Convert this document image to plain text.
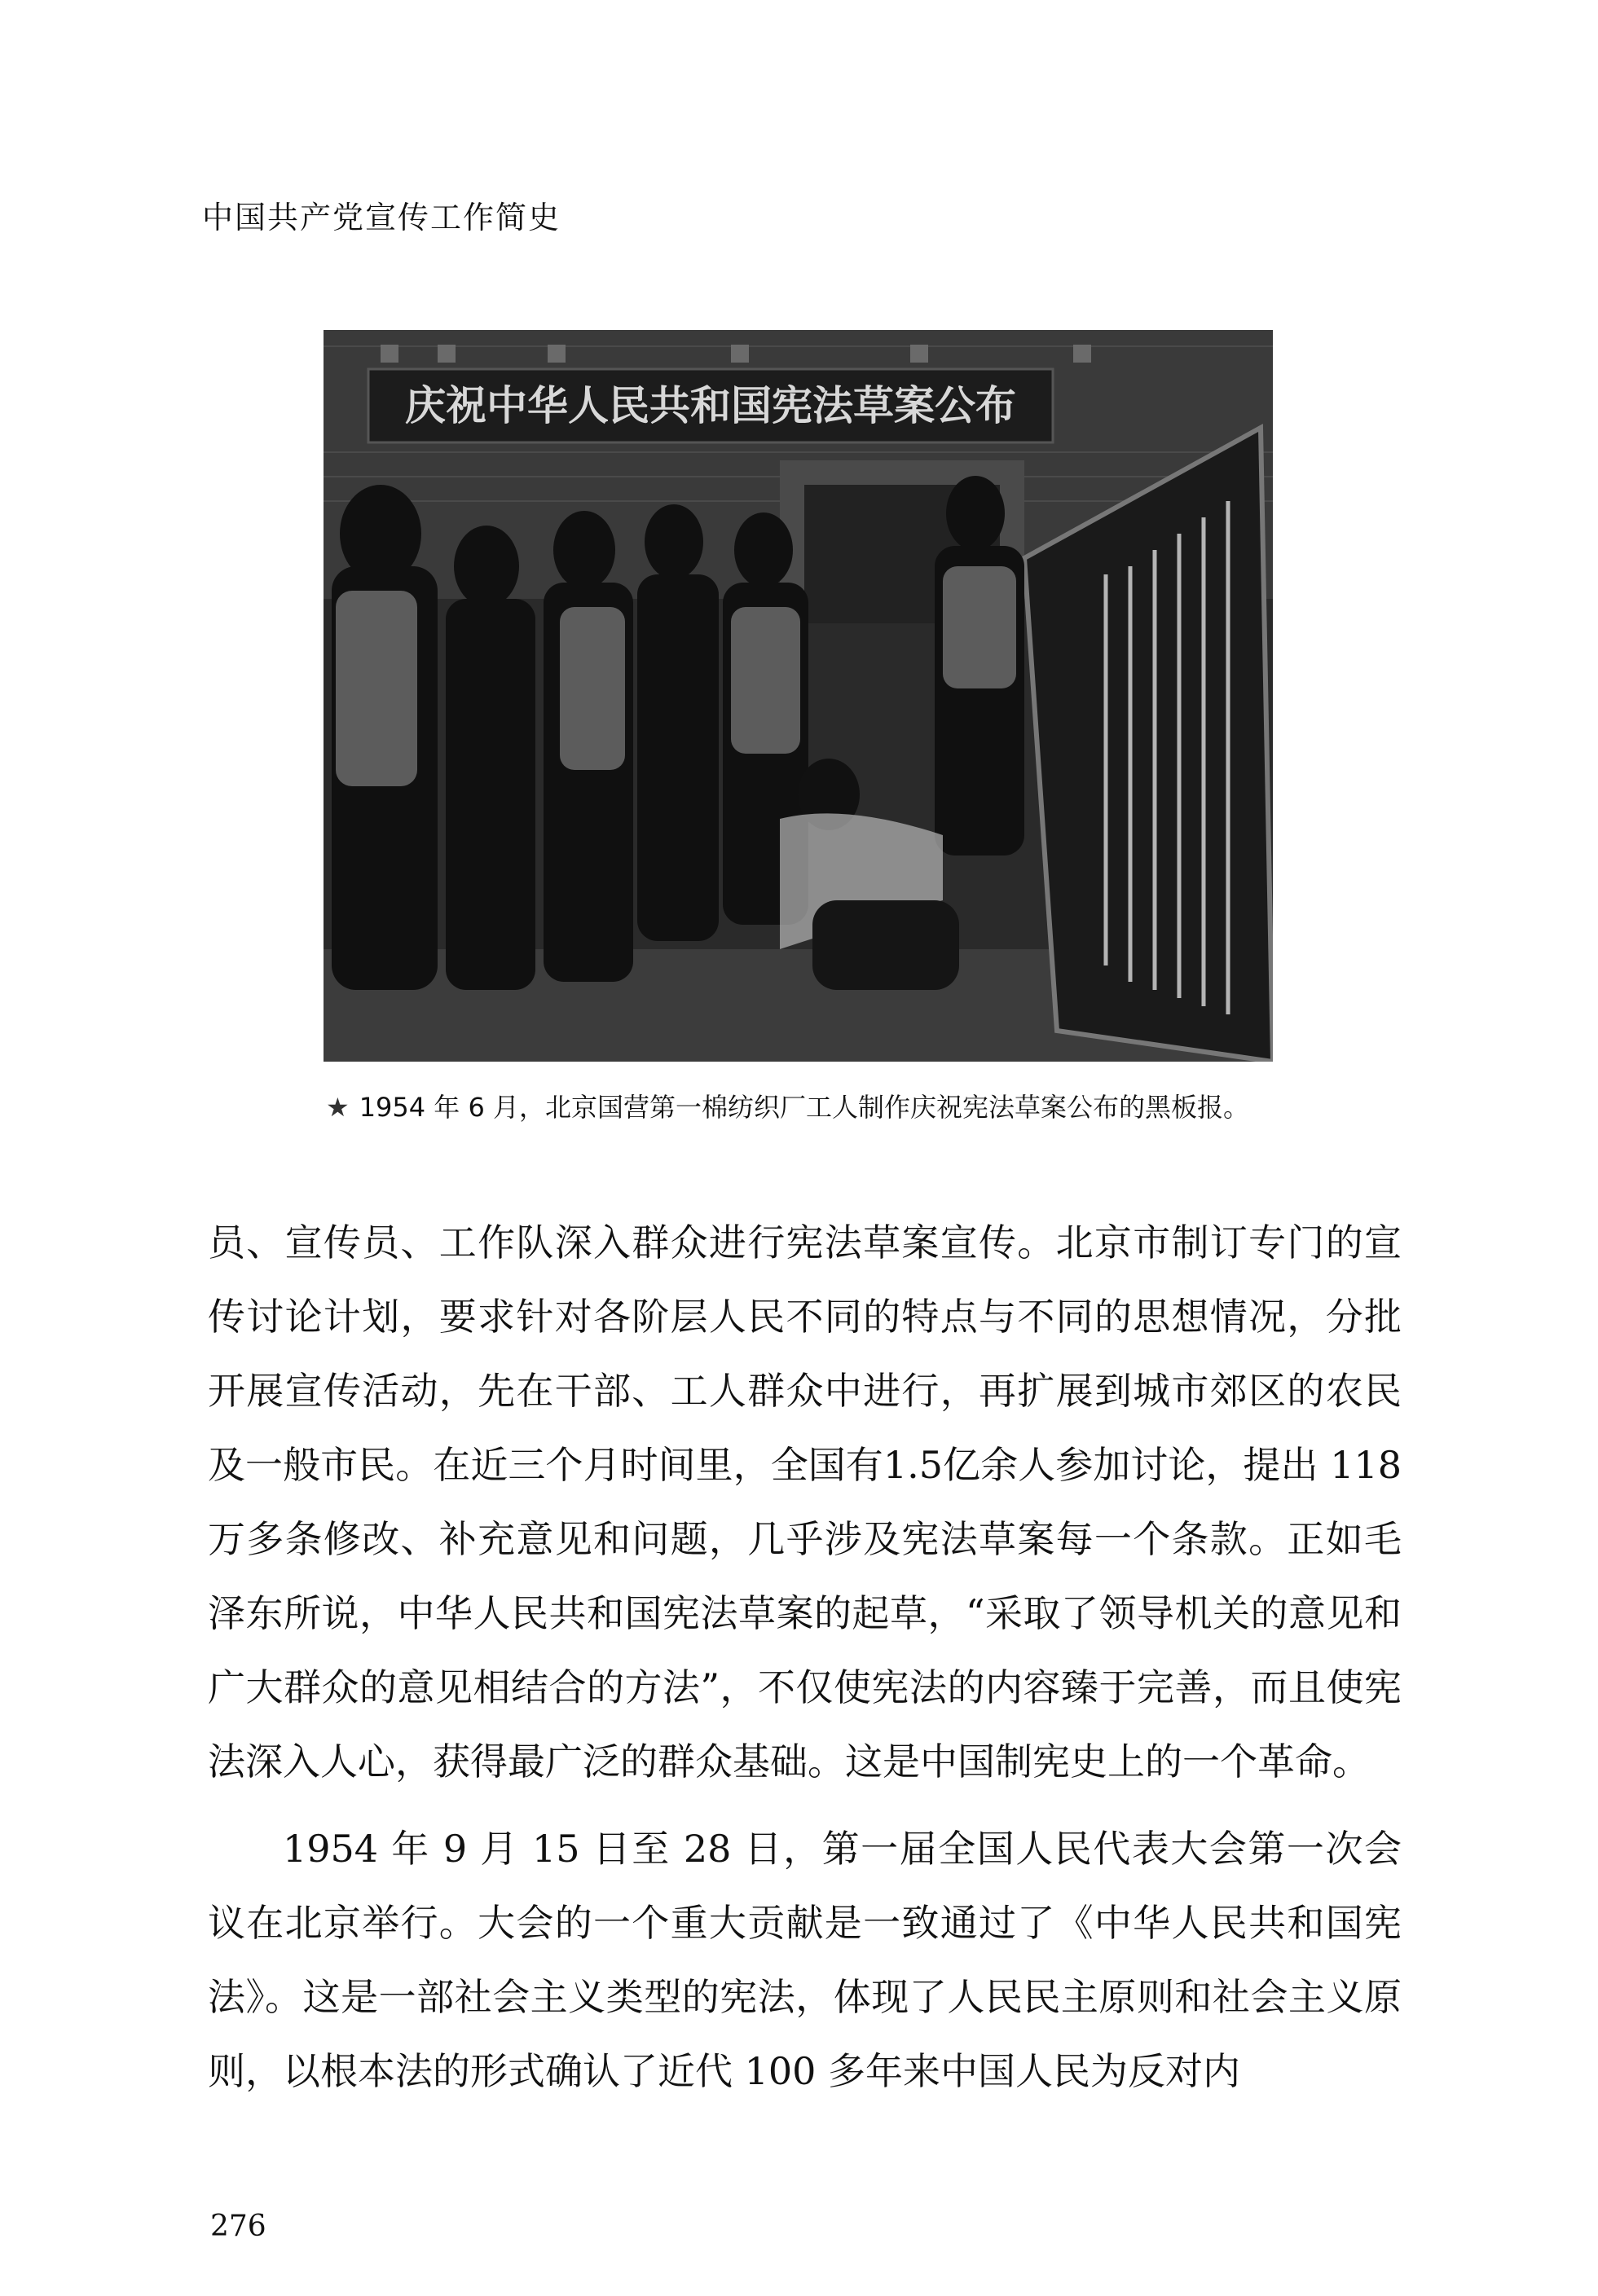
中国共产党宣传工作简史
庆祝中华人民共和国宪法草案公布
★ 1954 年 6 月，北京国营第一棉纺织厂工人制作庆祝宪法草案公布的黑板报。

员、宣传员、工作队深入群众进行宪法草案宣传。北京市制订专门的宣传讨论计划，要求针对各阶层人民不同的特点与不同的思想情况，分批开展宣传活动，先在干部、工人群众中进行，再扩展到城市郊区的农民及一般市民。在近三个月时间里，全国有1.5亿余人参加讨论，提出 118 万多条修改、补充意见和问题，几乎涉及宪法草案每一个条款。正如毛泽东所说，中华人民共和国宪法草案的起草，“采取了领导机关的意见和广大群众的意见相结合的方法”，不仅使宪法的内容臻于完善，而且使宪法深入人心，获得最广泛的群众基础。这是中国制宪史上的一个革命。

1954 年 9 月 15 日至 28 日，第一届全国人民代表大会第一次会议在北京举行。大会的一个重大贡献是一致通过了《中华人民共和国宪法》。这是一部社会主义类型的宪法，体现了人民民主原则和社会主义原则，以根本法的形式确认了近代 100 多年来中国人民为反对内

276
